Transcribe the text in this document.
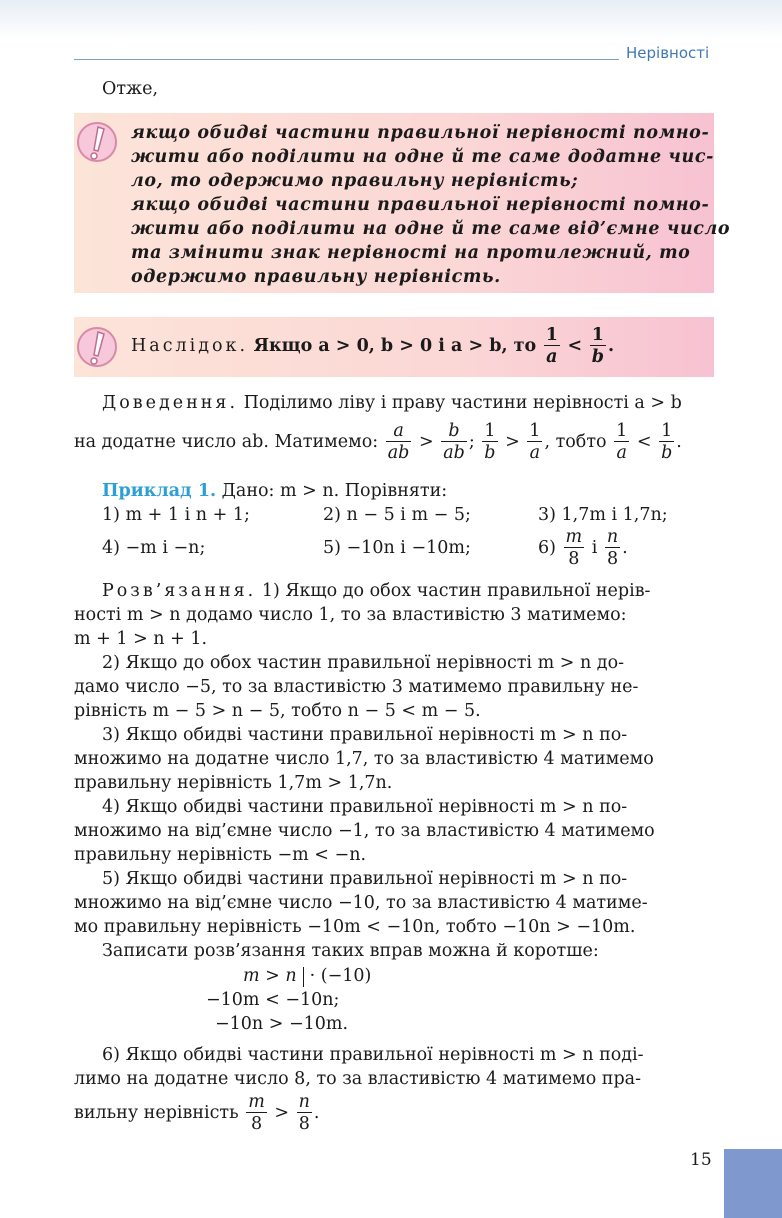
Нерівності
Отже,
якщо обидві частини правильної нерівності помно-
жити або поділити на одне й те саме додатне чис-
ло, то одержимо правильну нерівність;
якщо обидві частини правильної нерівності помно-
жити або поділити на одне й те саме від’ємне число
та змінити знак нерівності на протилежний, то
одержимо правильну нерівність.
Наслідок. Якщо a > 0, b > 0 і a > b, то $\frac{1}{a} < \frac{1}{b}$ .
Доведення. Поділимо ліву і праву частини нерівності a > b
на додатне число ab. Матимемо: $\frac{a}{ab} > \frac{b}{ab}$ ; $\frac{1}{b} > \frac{1}{a}$ , тобто $\frac{1}{a} < \frac{1}{b}$ .
Приклад 1. Дано: m > n. Порівняти:
1) m + 1 і n + 1;	2) n − 5 і m − 5;	3) 1,7m і 1,7n;
4) −m і −n;	5) −10n і −10m;	$6) \frac{m}{8}$ і $\frac{n}{8}$ .
Розв’язання. 1) Якщо до обох частин правильної нерів-
ності m > n додамо число 1, то за властивістю 3 матимемо:
m + 1 > n + 1.
2) Якщо до обох частин правильної нерівності m > n до-
дамо число −5, то за властивістю 3 матимемо правильну не-
рівність m − 5 > n − 5, тобто n − 5 < m − 5.
3) Якщо обидві частини правильної нерівності m > n по-
множимо на додатне число 1,7, то за властивістю 4 матимемо
правильну нерівність 1,7m > 1,7n.
4) Якщо обидві частини правильної нерівності m > n по-
множимо на від’ємне число −1, то за властивістю 4 матимемо
правильну нерівність −m < −n.
5) Якщо обидві частини правильної нерівності m > n по-
множимо на від’ємне число −10, то за властивістю 4 матиме-
мо правильну нерівність −10m < −10n, тобто −10n > −10m.
Записати розв’язання таких вправ можна й коротше:
m > n · (−10)
−10m < −10n;
−10n > −10m.
6) Якщо обидві частини правильної нерівності m > n поді-
лимо на додатне число 8, то за властивістю 4 матимемо пра-
вильну нерівність $\frac{m}{8} > \frac{n}{8}$ .
15
